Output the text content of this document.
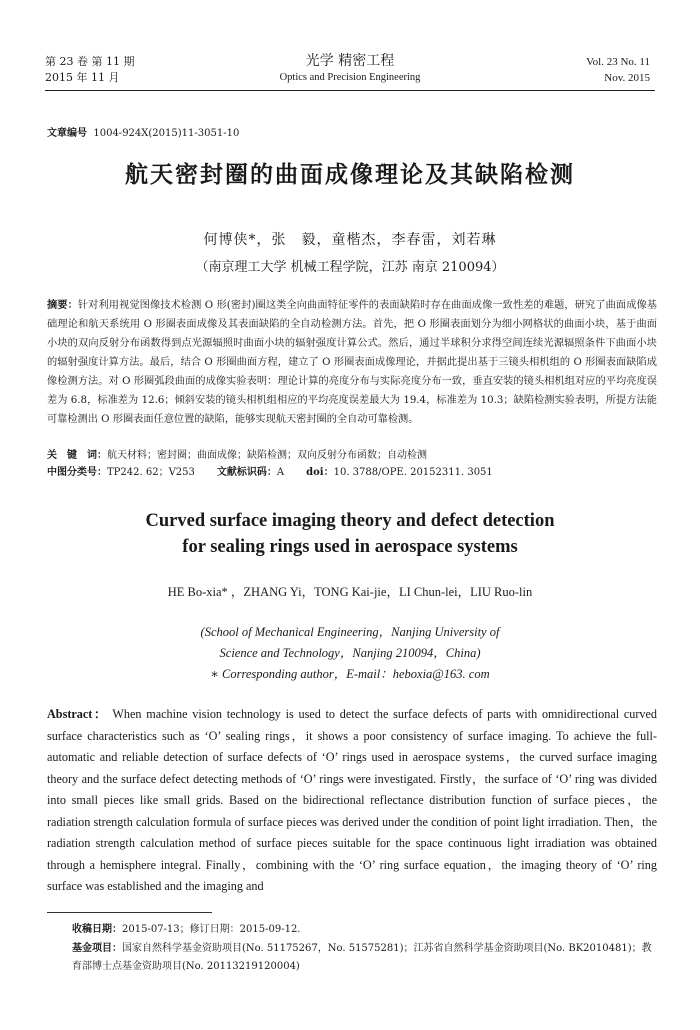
第 23 卷 第 11 期
2015 年 11 月
光学 精密工程
Optics and Precision Engineering
Vol. 23 No. 11
Nov. 2015
文章编号 1004-924X(2015)11-3051-10
航天密封圈的曲面成像理论及其缺陷检测
何博侠*，张　毅，童楷杰，李春雷，刘若琳
（南京理工大学 机械工程学院，江苏 南京 210094）
摘要：针对利用视觉图像技术检测 O 形(密封)圈这类全向曲面特征零件的表面缺陷时存在曲面成像一致性差的难题，研究了曲面成像基础理论和航天系统用 O 形圈表面成像及其表面缺陷的全自动检测方法。首先，把 O 形圈表面划分为细小网格状的曲面小块，基于曲面小块的双向反射分布函数得到点光源辐照时曲面小块的辐射强度计算公式。然后，通过半球积分求得空间连续光源辐照条件下曲面小块的辐射强度计算方法。最后，结合 O 形圈曲面方程，建立了 O 形圈表面成像理论，并据此提出基于三镜头相机组的 O 形圈表面缺陷成像检测方法。对 O 形圈弧段曲面的成像实验表明：理论计算的亮度分布与实际亮度分布一致，垂直安装的镜头相机组对应的平均亮度误差为 6.8，标准差为 12.6；倾斜安装的镜头相机组相应的平均亮度误差最大为 19.4，标准差为 10.3；缺陷检测实验表明，所提方法能可靠检测出 O 形圈表面任意位置的缺陷，能够实现航天密封圈的全自动可靠检测。
关　键　词：航天材料；密封圈；曲面成像；缺陷检测；双向反射分布函数；自动检测
中图分类号：TP242. 62；V253 文献标识码：A doi：10. 3788/OPE. 20152311. 3051
Curved surface imaging theory and defect detection
for sealing rings used in aerospace systems
HE Bo-xia* ，ZHANG Yi，TONG Kai-jie，LI Chun-lei，LIU Ruo-lin
(School of Mechanical Engineering，Nanjing University of
Science and Technology，Nanjing 210094，China)
∗ Corresponding author，E-mail：heboxia@163. com
Abstract： When machine vision technology is used to detect the surface defects of parts with omnidirectional curved surface characteristics such as ‘O’ sealing rings，it shows a poor consistency of surface imaging. To achieve the full-automatic and reliable detection of surface defects of ‘O’ rings used in aerospace systems，the curved surface imaging theory and the surface defect detecting methods of ‘O’ rings were investigated. Firstly，the surface of ‘O’ ring was divided into small pieces like small grids. Based on the bidirectional reflectance distribution function of surface pieces，the radiation strength calculation formula of surface pieces was derived under the condition of point light irradiation. Then，the radiation strength calculation method of surface pieces suitable for the space continuous light irradiation was obtained through a hemisphere integral. Finally，combining with the ‘O’ ring surface equation，the imaging theory of ‘O’ ring surface was established and the imaging and
收稿日期：2015-07-13；修订日期：2015-09-12.
基金项目：国家自然科学基金资助项目(No. 51175267，No. 51575281)；江苏省自然科学基金资助项目(No. BK2010481)；教育部博士点基金资助项目(No. 20113219120004)
